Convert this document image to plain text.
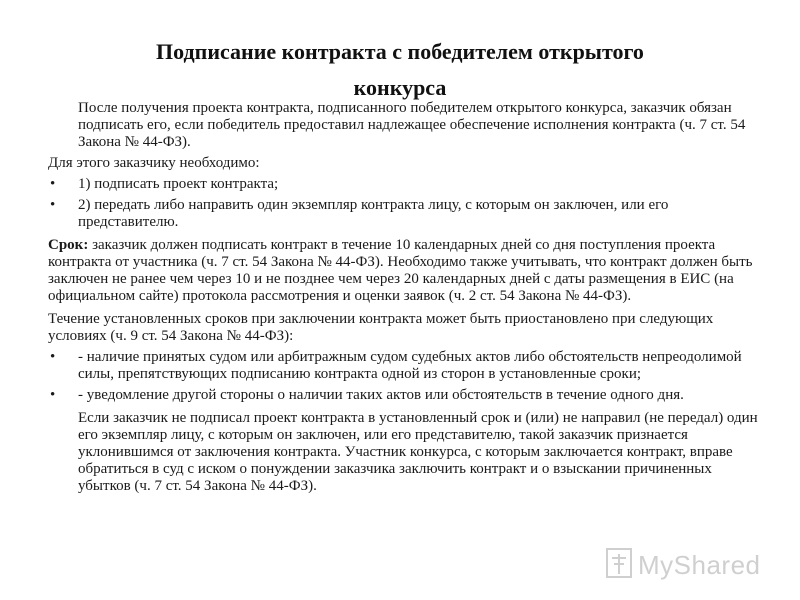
Подписание контракта с победителем открытого
конкурса

После получения проекта контракта, подписанного победителем открытого конкурса, заказчик обязан подписать его, если победитель предоставил надлежащее обеспечение исполнения контракта (ч. 7 ст. 54 Закона № 44-ФЗ).

Для этого заказчику необходимо:

• 1) подписать проект контракта;
• 2) передать либо направить один экземпляр контракта лицу, с которым он заключен, или его представителю.

Срок: заказчик должен подписать контракт в течение 10 календарных дней со дня поступления проекта контракта от участника (ч. 7 ст. 54 Закона № 44-ФЗ). Необходимо также учитывать, что контракт должен быть заключен не ранее чем через 10 и не позднее чем через 20 календарных дней с даты размещения в ЕИС (на официальном сайте) протокола рассмотрения и оценки заявок (ч. 2 ст. 54 Закона № 44-ФЗ).

Течение установленных сроков при заключении контракта может быть приостановлено при следующих условиях (ч. 9 ст. 54 Закона № 44-ФЗ):

• - наличие принятых судом или арбитражным судом судебных актов либо обстоятельств непреодолимой силы, препятствующих подписанию контракта одной из сторон в установленные сроки;
• - уведомление другой стороны о наличии таких актов или обстоятельств в течение одного дня.

Если заказчик не подписал проект контракта в установленный срок и (или) не направил (не передал) один его экземпляр лицу, с которым он заключен, или его представителю, такой заказчик признается уклонившимся от заключения контракта. Участник конкурса, с которым заключается контракт, вправе обратиться в суд с иском о понуждении заказчика заключить контракт и о взыскании причиненных убытков (ч. 7 ст. 54 Закона № 44-ФЗ).

MyShared
